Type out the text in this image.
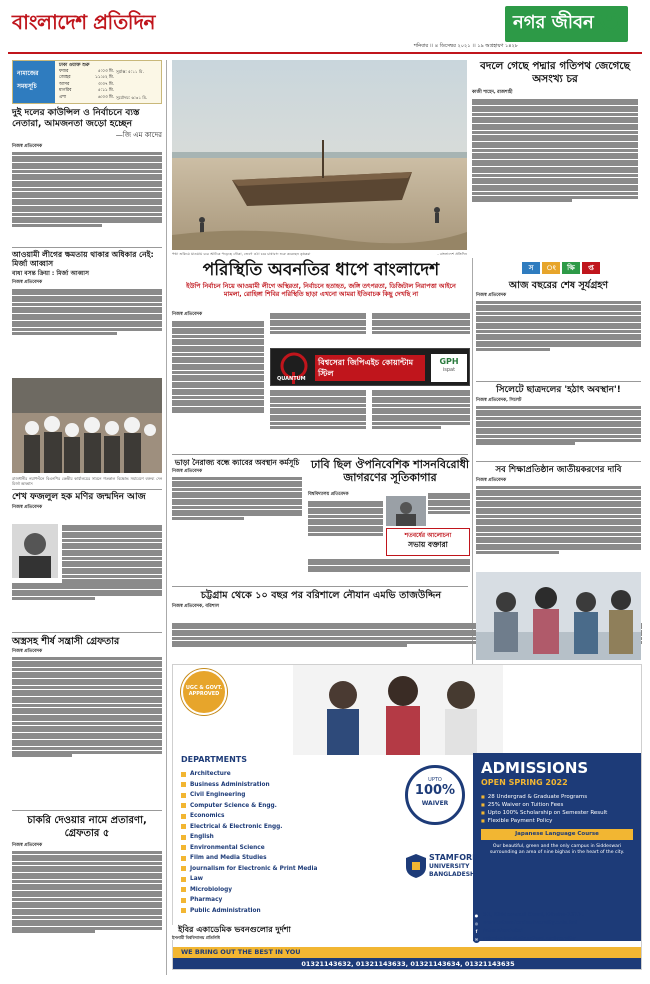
বাংলাদেশ প্রতিদিন
শনিবার ।। ৪ ডিসেম্বর ২০২১ ।। ১৯ অগ্রহায়ণ ১৪২৮
নগর জীবন ৩
নামাজের
সময়সূচি
ঢাকা ওয়াক্ত শুরু
ফজর	৫:০৩ মি.
জোহর	১১:৫২ মি.
আসর	৩:৩৭ মি.
মাগরিব	৫:১১ মি.
এশা	৬:৩৩ মি.
সূর্যাস্ত: ৫:১১ মি.
সূর্যোদয়: ৬:৩১ মি.
দুই দলের কাউন্সিল ও নির্বাচনে ব্যস্ত নেতারা, আমজনতা জড়ো হচ্ছেন
—জি এম কাদের
নিজস্ব প্রতিবেদক
আওয়ামী লীগের ক্ষমতায় থাকার অধিকার নেই: মির্জা আব্বাস
বাধা বসন্ত ক্রিয়া : মির্জা আব্বাস
নিজস্ব প্রতিবেদক
রাজধানীর নয়াপল্টনে বিএনপির কেন্দ্রীয় কার্যালয়ের সামনে গতকাল বিক্ষোভ সমাবেশে বক্তব্য দেন মির্জা আব্বাস
শেখ ফজলুল হক মণির জন্মদিন আজ
নিজস্ব প্রতিবেদক
অস্ত্রসহ শীর্ষ সন্ত্রাসী গ্রেফতার
নিজস্ব প্রতিবেদক
চাকরি দেওয়ার নামে প্রতারণা, গ্রেফতার ৫
নিজস্ব প্রতিবেদক
বদলে গেছে পদ্মার গতিপথ জেগেছে অসংখ্য চর
কাজী শাহেদ, রাজশাহী
পদ্মা শুকিয়ে যাওয়ায় চরে আটকে পড়েছে নৌকা, জেগে ওঠা চরে চাষাবাদ শুরু করেছেন কৃষকরা	- বাংলাদেশ প্রতিদিন
পরিস্থিতি অবনতির ধাপে বাংলাদেশ
ইউপি নির্বাচন নিয়ে আওয়ামী লীগে অস্থিরতা, নির্বাচনে হতাহত, জঙ্গি তৎপরতা, ডিজিটাল নিরাপত্তা আইনে
মামলা, রোহিঙ্গা শিবির পরিস্থিতি ছাড়া এখনো আমরা ইতিবাচক কিছু দেখছি না
নিজস্ব প্রতিবেদক
QUANTUM
বিশ্বসেরা জিপিএইচ কোয়ান্টাম স্টিল
GPH
ispat
স ং ক্ষি প্ত
আজ বছরের শেষ সূর্যগ্রহণ
নিজস্ব প্রতিবেদক
সিলেটে ছাত্রদলের 'হঠাৎ অবস্থান'!
নিজস্ব প্রতিবেদক, সিলেট
সব শিক্ষাপ্রতিষ্ঠান জাতীয়করণের দাবি
নিজস্ব প্রতিবেদক
ভাড়া নৈরাজ্য বন্ধে ক্যাবের অবস্থান কর্মসূচি
নিজস্ব প্রতিবেদক
ঢাবি ছিল ঔপনিবেশিক শাসনবিরোধী জাগরণের সূতিকাগার
বিশ্ববিদ্যালয় প্রতিবেদক
শতবর্ষের আলোচনা
সভায় বক্তারা
চট্টগ্রাম থেকে ১০ বছর পর বরিশালে নৌযান এমভি তাজউদ্দিন
নিজস্ব প্রতিবেদক, বরিশাল
UGC & GOVT.
APPROVED
DEPARTMENTS
Architecture
Business Administration
Civil Engineering
Computer Science & Engg.
Economics
Electrical & Electronic Engg.
English
Environmental Science
Film and Media Studies
Journalism for Electronic & Print Media
Law
Microbiology
Pharmacy
Public Administration
UPTO
100%
WAIVER
ADMISSIONS
OPEN SPRING 2022
■ 28 Undergrad & Graduate Programs
■ 25% Waiver on Tuition Fees
■ Upto 100% Scholarship on Semester Result
■ Flexible Payment Policy
Japanese Language Course
Our beautiful, green and the only campus in Siddeswari surrounding an area of nine bighas in the heart of the city.
STAMFORD
UNIVERSITY
BANGLADESH
● 51, Siddeswari Road, Dhaka-1217.
◎ www.stamforduniversity.edu.bd
f	/stamfordubd
✉ admission@stamford.university
WE BRING OUT THE BEST IN YOU
01321143632, 01321143633, 01321143634, 01321143635
ইবির একাডেমিক ভবনগুলোর দুর্দশা
ইসলামী বিশ্ববিদ্যালয় প্রতিনিধি
